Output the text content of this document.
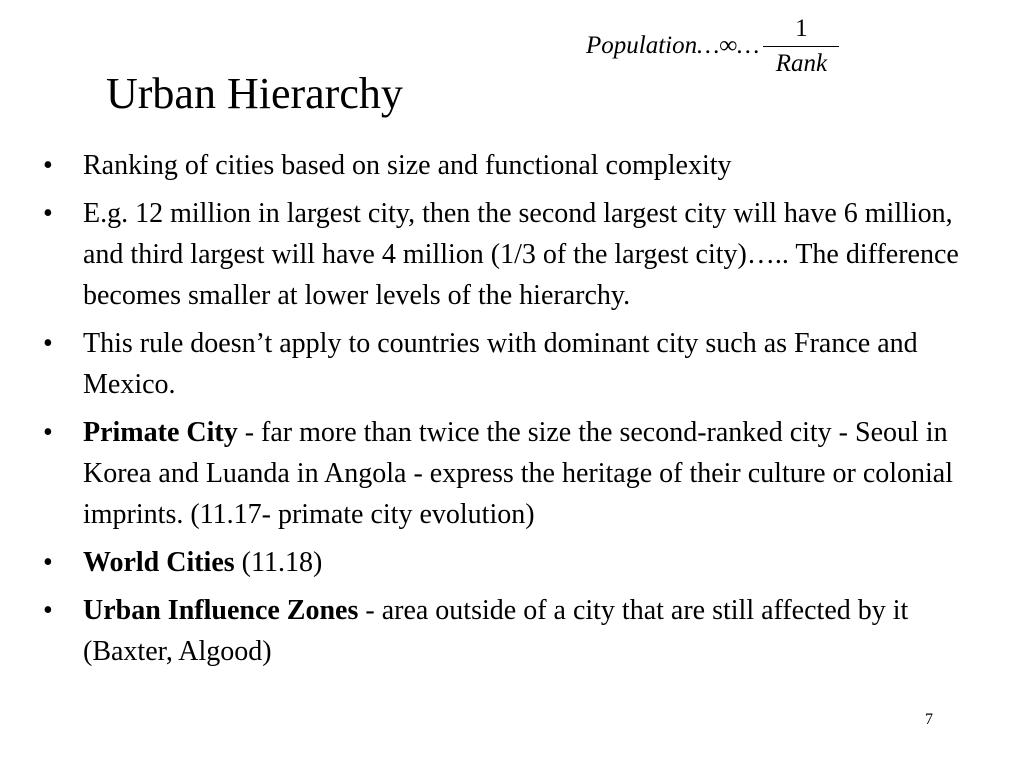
Population…∞… $\frac{1}{\text{Rank}}$
Urban Hierarchy
• Ranking of cities based on size and functional complexity
• E.g. 12 million in largest city, then the second largest city will have 6 million, and third largest will have 4 million (1/3 of the largest city)….. The difference becomes smaller at lower levels of the hierarchy.
• This rule doesn’t apply to countries with dominant city such as France and Mexico.
• Primate City - far more than twice the size the second-ranked city - Seoul in Korea and Luanda in Angola - express the heritage of their culture or colonial imprints. (11.17- primate city evolution)
• World Cities (11.18)
• Urban Influence Zones - area outside of a city that are still affected by it (Baxter, Algood)
7
